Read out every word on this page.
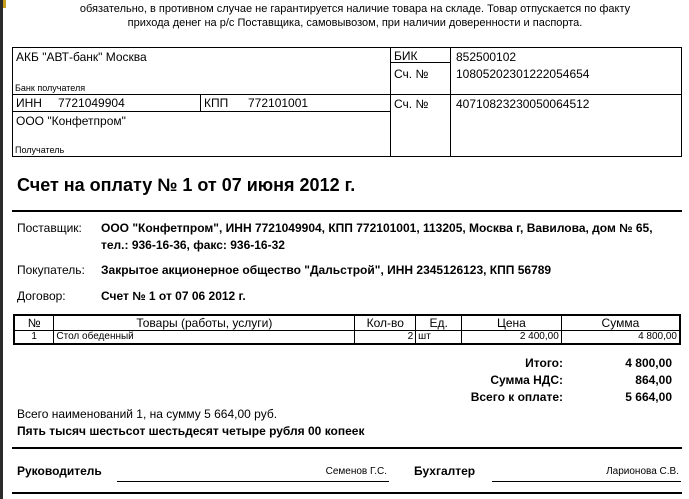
обязательно, в противном случае не гарантируется наличие товара на складе. Товар отпускается по факту
прихода денег на р/с Поставщика, самовывозом, при наличии доверенности и паспорта.
АКБ "АВТ-банк" Москва
Банк получателя
БИК	852500102
Сч. № 10805202301222054654
ИНН 7721049904	КПП 772101001	Сч. № 40710823230050064512
ООО "Конфетпром"
Получатель
Счет на оплату № 1 от 07 июня 2012 г.
Поставщик: ООО "Конфетпром", ИНН 7721049904, КПП 772101001, 113205, Москва г, Вавилова, дом № 65, тел.: 936-16-36, факс: 936-16-32
Покупатель: Закрытое акционерное общество "Дальстрой", ИНН 2345126123, КПП 56789
Договор:	Счет № 1 от 07 06 2012 г.
№	Товары (работы, услуги)	Кол-во	Ед.	Цена	Сумма
1	Стол обеденный	2	шт	2 400,00	4 800,00
Итого:	4 800,00
Сумма НДС:	864,00
Всего к оплате:	5 664,00
Всего наименований 1, на сумму 5 664,00 руб.
Пять тысяч шестьсот шестьдесят четыре рубля 00 копеек
Руководитель	Семенов Г.С. Бухгалтер	Ларионова С.В.
